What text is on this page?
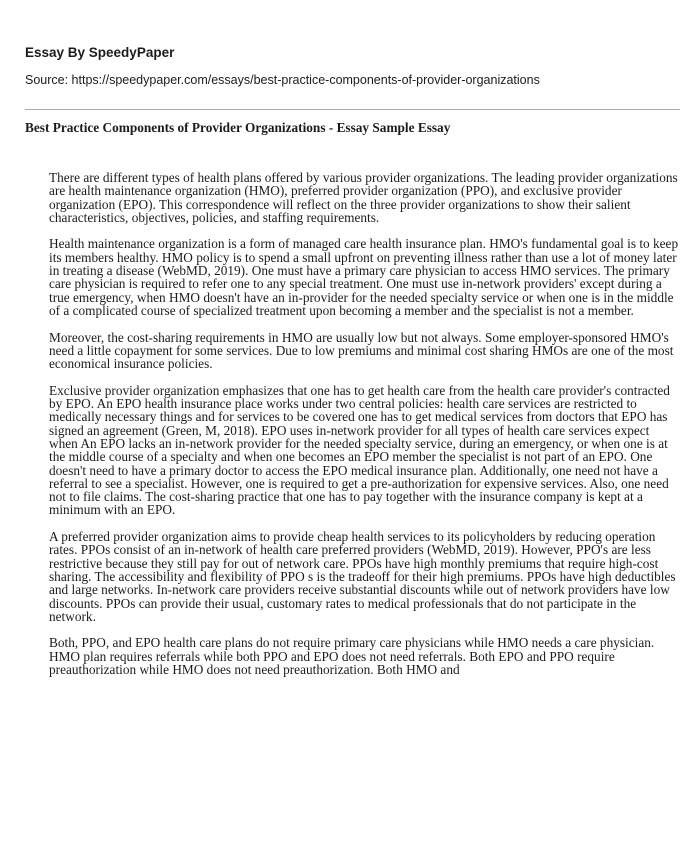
Essay By SpeedyPaper
Source: https://speedypaper.com/essays/best-practice-components-of-provider-organizations
Best Practice Components of Provider Organizations - Essay Sample Essay

There are different types of health plans offered by various provider organizations. The leading provider organizations are health maintenance organization (HMO), preferred provider organization (PPO), and exclusive provider organization (EPO). This correspondence will reflect on the three provider organizations to show their salient characteristics, objectives, policies, and staffing requirements.

Health maintenance organization is a form of managed care health insurance plan. HMO's fundamental goal is to keep its members healthy. HMO policy is to spend a small upfront on preventing illness rather than use a lot of money later in treating a disease (WebMD, 2019). One must have a primary care physician to access HMO services. The primary care physician is required to refer one to any special treatment. One must use in-network providers' except during a true emergency, when HMO doesn't have an in-provider for the needed specialty service or when one is in the middle of a complicated course of specialized treatment upon becoming a member and the specialist is not a member.

Moreover, the cost-sharing requirements in HMO are usually low but not always. Some employer-sponsored HMO's need a little copayment for some services. Due to low premiums and minimal cost sharing HMOs are one of the most economical insurance policies.

Exclusive provider organization emphasizes that one has to get health care from the health care provider's contracted by EPO. An EPO health insurance place works under two central policies: health care services are restricted to medically necessary things and for services to be covered one has to get medical services from doctors that EPO has signed an agreement (Green, M, 2018). EPO uses in-network provider for all types of health care services expect when An EPO lacks an in-network provider for the needed specialty service, during an emergency, or when one is at the middle course of a specialty and when one becomes an EPO member the specialist is not part of an EPO. One doesn't need to have a primary doctor to access the EPO medical insurance plan. Additionally, one need not have a referral to see a specialist. However, one is required to get a pre-authorization for expensive services. Also, one need not to file claims. The cost-sharing practice that one has to pay together with the insurance company is kept at a minimum with an EPO.

A preferred provider organization aims to provide cheap health services to its policyholders by reducing operation rates. PPOs consist of an in-network of health care preferred providers (WebMD, 2019). However, PPO's are less restrictive because they still pay for out of network care. PPOs have high monthly premiums that require high-cost sharing. The accessibility and flexibility of PPO s is the tradeoff for their high premiums. PPOs have high deductibles and large networks. In-network care providers receive substantial discounts while out of network providers have low discounts. PPOs can provide their usual, customary rates to medical professionals that do not participate in the network.

Both, PPO, and EPO health care plans do not require primary care physicians while HMO needs a care physician. HMO plan requires referrals while both PPO and EPO does not need referrals. Both EPO and PPO require preauthorization while HMO does not need preauthorization. Both HMO and
